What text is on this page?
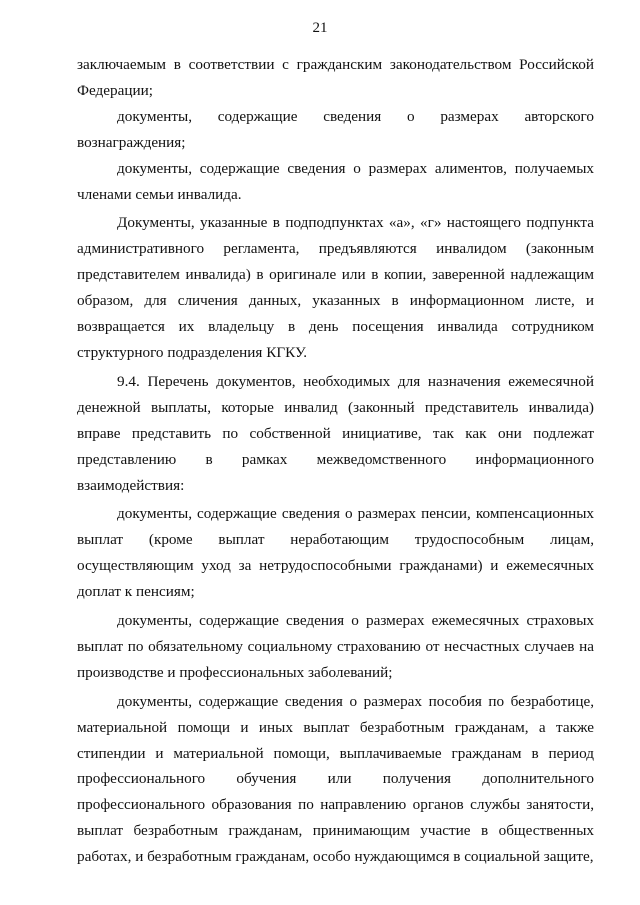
21

заключаемым в соответствии с гражданским законодательством Российской Федерации;

документы, содержащие сведения о размерах авторского вознаграждения;

документы, содержащие сведения о размерах алиментов, получаемых членами семьи инвалида.

Документы, указанные в подподпунктах «а», «г» настоящего подпункта административного регламента, предъявляются инвалидом (законным представителем инвалида) в оригинале или в копии, заверенной надлежащим образом, для сличения данных, указанных в информационном листе, и возвращается их владельцу в день посещения инвалида сотрудником структурного подразделения КГКУ.

9.4. Перечень документов, необходимых для назначения ежемесячной денежной выплаты, которые инвалид (законный представитель инвалида) вправе представить по собственной инициативе, так как они подлежат представлению в рамках межведомственного информационного взаимодействия:

документы, содержащие сведения о размерах пенсии, компенсационных выплат (кроме выплат неработающим трудоспособным лицам, осуществляющим уход за нетрудоспособными гражданами) и ежемесячных доплат к пенсиям;

документы, содержащие сведения о размерах ежемесячных страховых выплат по обязательному социальному страхованию от несчастных случаев на производстве и профессиональных заболеваний;

документы, содержащие сведения о размерах пособия по безработице, материальной помощи и иных выплат безработным гражданам, а также стипендии и материальной помощи, выплачиваемые гражданам в период профессионального обучения или получения дополнительного профессионального образования по направлению органов службы занятости, выплат безработным гражданам, принимающим участие в общественных работах, и безработным гражданам, особо нуждающимся в социальной защите,
